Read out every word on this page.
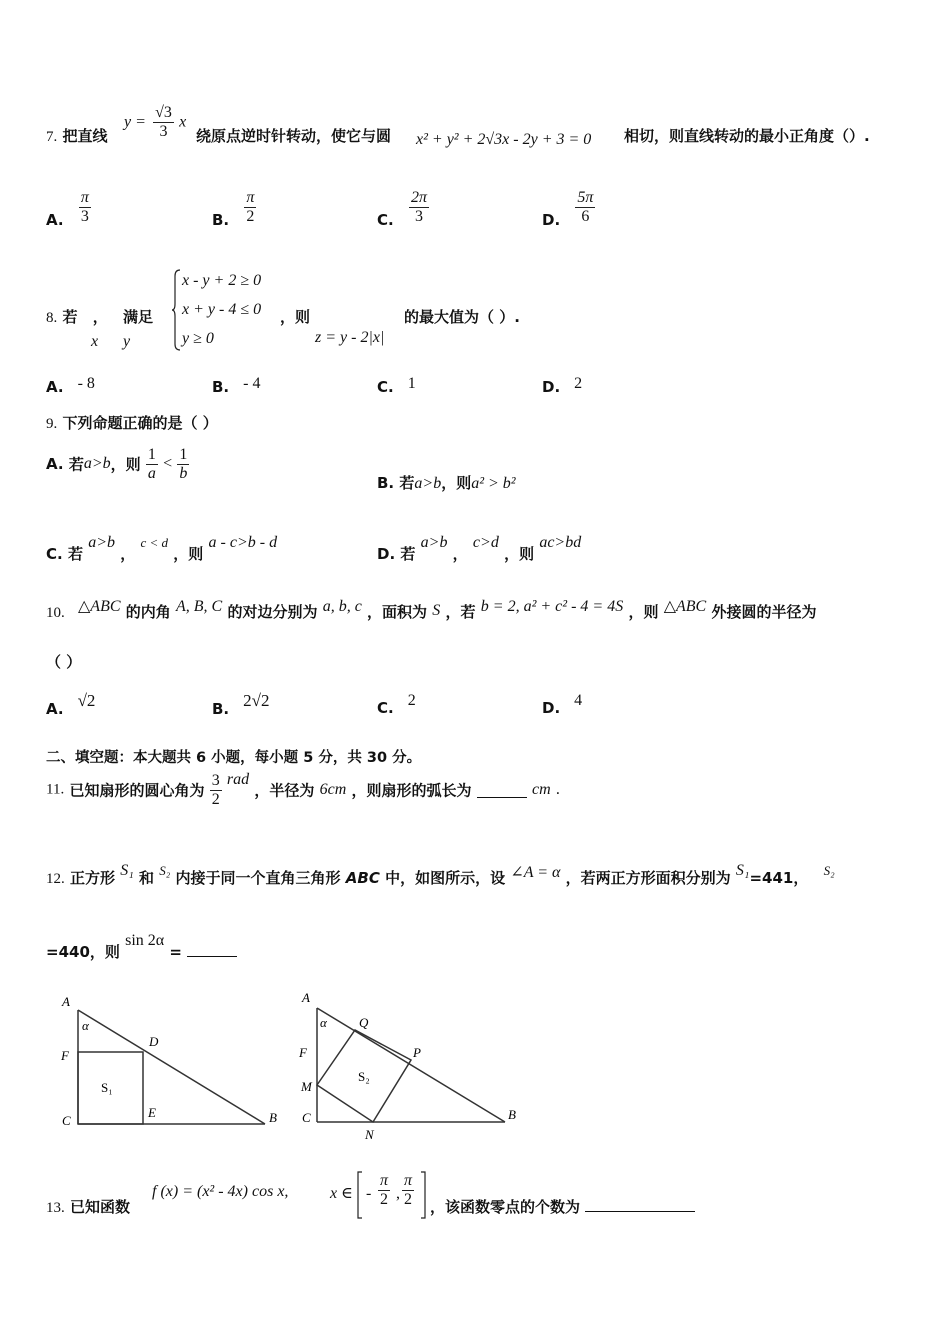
7. 把直线
$y = \frac{√3}{3}$ x
绕原点逆时针转动，使它与圆 x² + y² + 2√3x - 2y + 3 = 0 相切，则直线转动的最小正角度（）.
A. $\frac{\pi}{3}$	B. $\frac{\pi}{2}$	C. $\frac{2\pi}{3}$	D. $\frac{5\pi}{6}$
8. 若 ， 满足
x y
x - y + 2 ≥ 0
x + y - 4 ≤ 0
y ≥ 0
，则
z = y - 2|x|
的最大值为（ ）.
A. - 8	B. - 4	C. 1	D. 2
9. 下列命题正确的是（ ）
A. 若a>b，则 $\frac{1}{a} < \frac{1}{b}$
B. 若a>b，则a² > b²
C. 若 a>b ， c < d ，则 a - c>b - d
D. 若 a>b ， c>d ，则 ac>bd
10. △ABC 的内角 A, B, C 的对边分别为 a, b, c ，面积为 S ，若 b = 2, a² + c² - 4 = 4S ，则 △ABC 外接圆的半径为
（ ）
A. √2	B. 2√2	C. 2	D. 4
二、填空题：本大题共 6 小题，每小题 5 分，共 30 分。
11. 已知扇形的圆心角为 $\frac{3}{2}$ rad ，半径为 6cm ，则扇形的弧长为	cm .
12. 正方形 S₁ 和 S₂ 内接于同一个直角三角形 ABC 中，如图所示，设 ∠A = α ，若两正方形面积分别为 S₁=441， S₂
=440，则 sin 2α =
A
α
D
F
S₁
C
E	B
A
α Q
P
F
M
S₂
C
N
B
13. 已知函数
f (x) = (x² - 4x) cos x,	x ∈ - $\frac{\pi}{2}$ , $\frac{\pi}{2}$ ，该函数零点的个数为
